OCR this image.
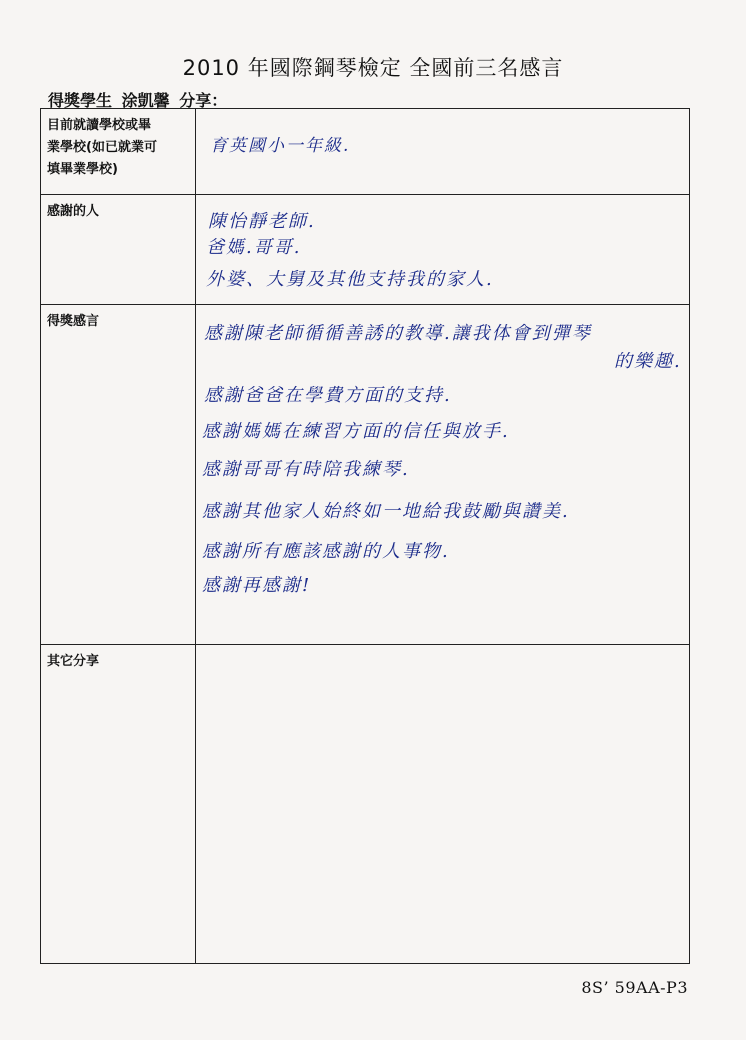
2010 年國際鋼琴檢定 全國前三名感言
得獎學生 涂凱馨 分享：
目前就讀學校或畢
業學校(如已就業可
填畢業學校)
育英國小一年級.
感謝的人	陳怡靜老師.
爸媽.哥哥.
外婆、大舅及其他支持我的家人.
得獎感言
感謝陳老師循循善誘的教導.讓我体會到彈琴
的樂趣.
感謝爸爸在學費方面的支持.
感謝媽媽在練習方面的信任與放手.
感謝哥哥有時陪我練琴.
感謝其他家人始終如一地給我鼓勵與讚美.
感謝所有應該感謝的人事物.
感謝再感謝!
其它分享
8S’ 59AA-P3
